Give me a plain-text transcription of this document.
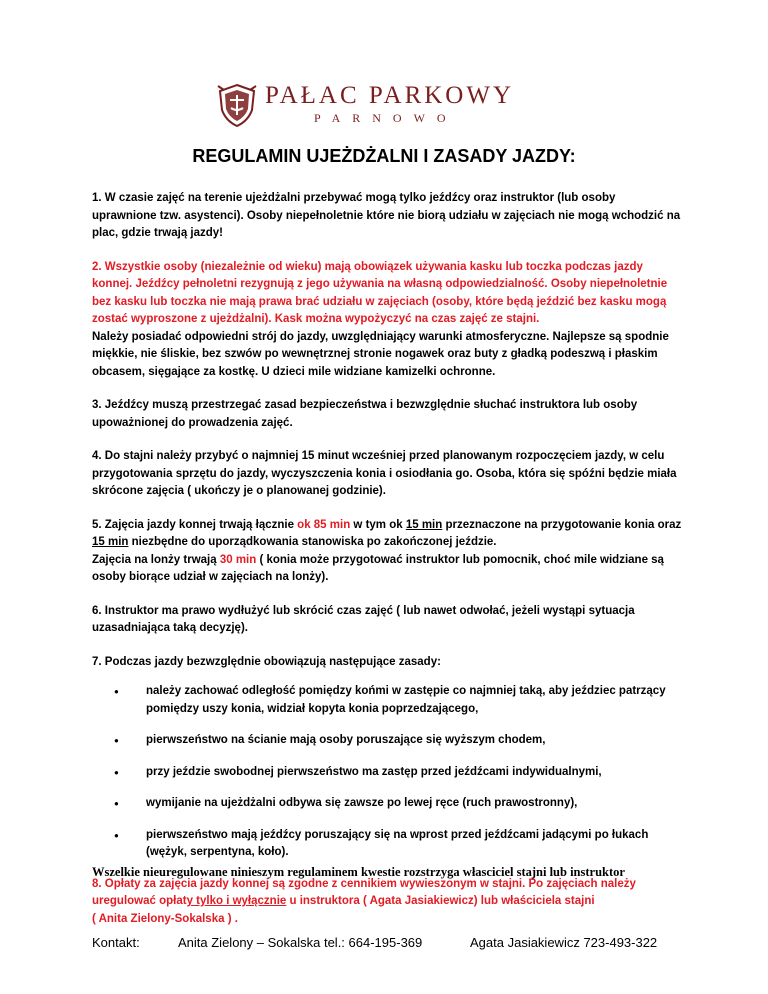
PAŁAC PARKOWY
PARNOWO
REGULAMIN UJEŻDŻALNI I ZASADY JAZDY:

1. W czasie zajęć na terenie ujeżdżalni przebywać mogą tylko jeźdźcy oraz instruktor (lub osoby uprawnione tzw. asystenci). Osoby niepełnoletnie które nie biorą udziału w zajęciach nie mogą wchodzić na plac, gdzie trwają jazdy!

2. Wszystkie osoby (niezależnie od wieku) mają obowiązek używania kasku lub toczka podczas jazdy konnej. Jeźdźcy pełnoletni rezygnują z jego używania na własną odpowiedzialność. Osoby niepełnoletnie bez kasku lub toczka nie mają prawa brać udziału w zajęciach (osoby, które będą jeździć bez kasku mogą zostać wyproszone z ujeżdżalni). Kask można wypożyczyć na czas zajęć ze stajni.
Należy posiadać odpowiedni strój do jazdy, uwzględniający warunki atmosferyczne. Najlepsze są spodnie miękkie, nie śliskie, bez szwów po wewnętrznej stronie nogawek oraz buty z gładką podeszwą i płaskim obcasem, sięgające za kostkę. U dzieci mile widziane kamizelki ochronne.

3. Jeźdźcy muszą przestrzegać zasad bezpieczeństwa i bezwzględnie słuchać instruktora lub osoby upoważnionej do prowadzenia zajęć.

4. Do stajni należy przybyć o najmniej 15 minut wcześniej przed planowanym rozpoczęciem jazdy, w celu przygotowania sprzętu do jazdy, wyczyszczenia konia i osiodłania go. Osoba, która się spóźni będzie miała skrócone zajęcia ( ukończy je o planowanej godzinie).

5. Zajęcia jazdy konnej trwają łącznie ok 85 min w tym ok 15 min przeznaczone na przygotowanie konia oraz
15 min niezbędne do uporządkowania stanowiska po zakończonej jeździe.
Zajęcia na lonży trwają 30 min ( konia może przygotować instruktor lub pomocnik, choć mile widziane są osoby biorące udział w zajęciach na lonży).

6. Instruktor ma prawo wydłużyć lub skrócić czas zajęć ( lub nawet odwołać, jeżeli wystąpi sytuacja uzasadniająca taką decyzję).

7. Podczas jazdy bezwzględnie obowiązują następujące zasady:

● należy zachować odległość pomiędzy końmi w zastępie co najmniej taką, aby jeździec patrzący pomiędzy uszy konia, widział kopyta konia poprzedzającego,
● pierwszeństwo na ścianie mają osoby poruszające się wyższym chodem,
● przy jeździe swobodnej pierwszeństwo ma zastęp przed jeźdźcami indywidualnymi,
● wymijanie na ujeżdżalni odbywa się zawsze po lewej ręce (ruch prawostronny),
● pierwszeństwo mają jeźdźcy poruszający się na wprost przed jeźdźcami jadącymi po łukach (wężyk, serpentyna, koło).

8. Opłaty za zajęcia jazdy konnej są zgodne z cennikiem wywieszonym w stajni. Po zajęciach należy uregulować opłaty tylko i wyłącznie u instruktora ( Agata Jasiakiewicz) lub właściciela stajni
( Anita Zielony-Sokalska ) .

Wszelkie nieuregulowane ninieszym regulaminem kwestie rozstrzyga własciciel stajni lub instruktor
Kontakt:	Anita Zielony – Sokalska tel.: 664-195-369	Agata Jasiakiewicz 723-493-322
